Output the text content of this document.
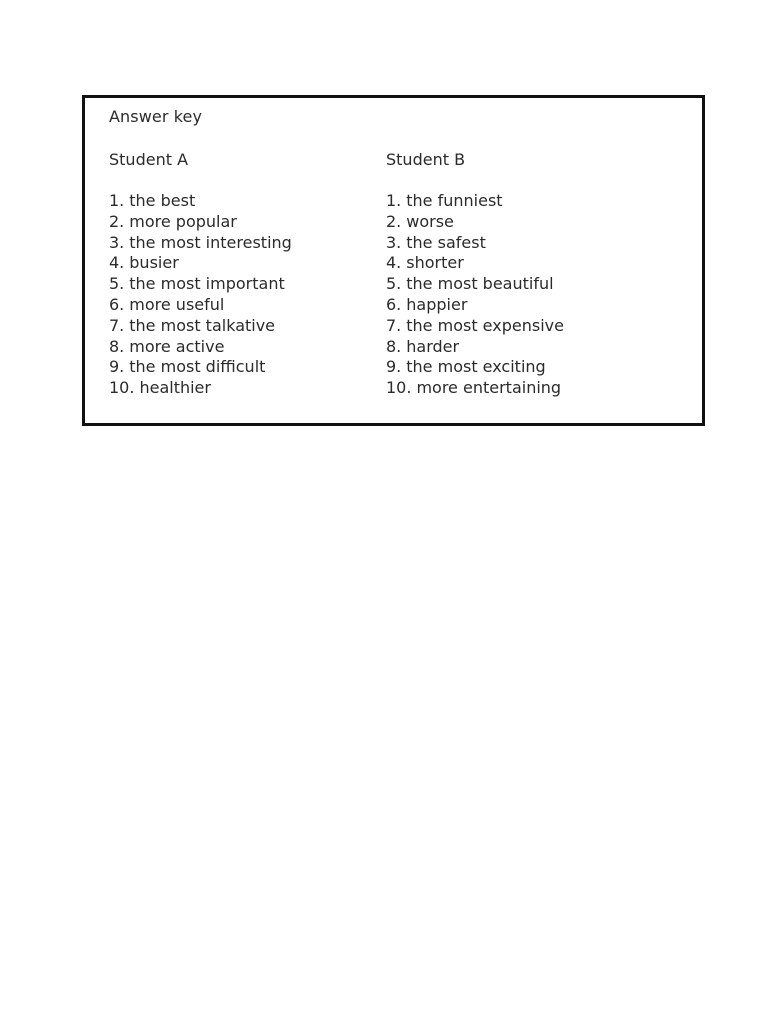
Answer key
Student A
1. the best
2. more popular
3. the most interesting
4. busier
5. the most important
6. more useful
7. the most talkative
8. more active
9. the most difficult
10. healthier
Student B
1. the funniest
2. worse
3. the safest
4. shorter
5. the most beautiful
6. happier
7. the most expensive
8. harder
9. the most exciting
10. more entertaining
